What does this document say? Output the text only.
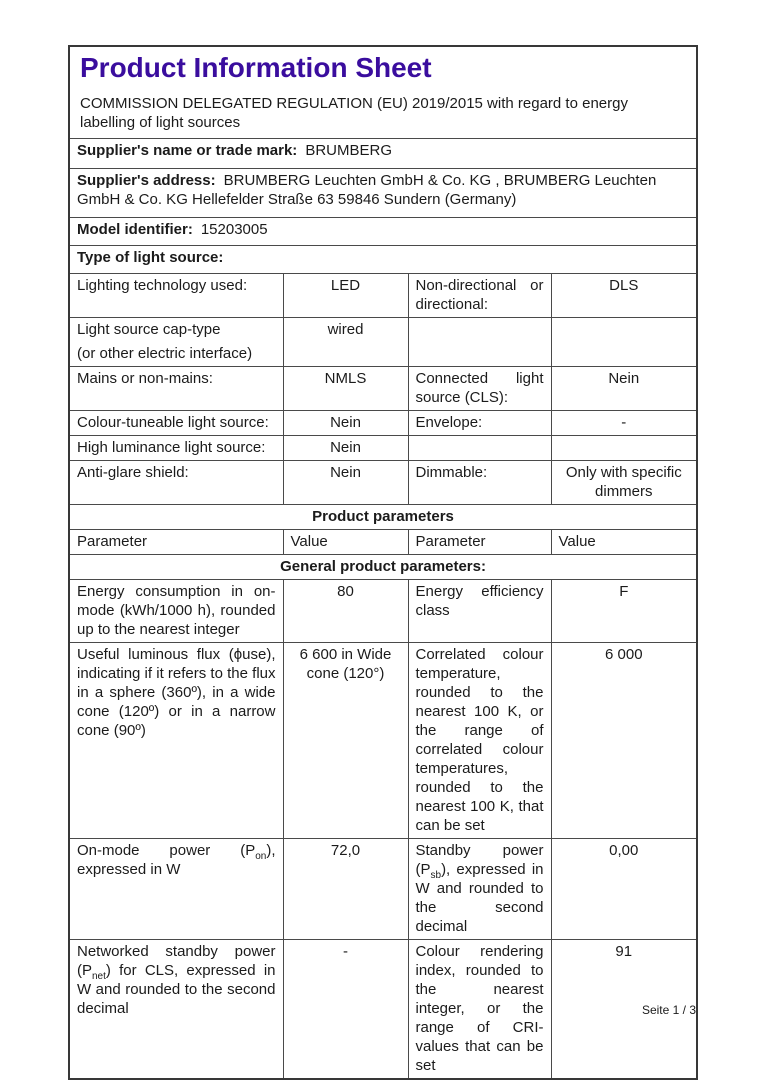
Product Information Sheet
COMMISSION DELEGATED REGULATION (EU) 2019/2015 with regard to energy labelling of light sources			

Supplier's name or trade mark: BRUMBERG			
Supplier's address: BRUMBERG Leuchten GmbH & Co. KG , BRUMBERG Leuchten GmbH & Co. KG Hellefelder Straße 63 59846 Sundern (Germany)			
Model identifier: 15203005			
Type of light source:			
Lighting technology used:	LED	Non-directional or directional:	DLS

Light source cap-type
(or other electric interface)	wired		
Mains or non-mains:	NMLS	Connected light source (CLS):	Nein
Colour-tuneable light source:	Nein	Envelope:	-
High luminance light source:	Nein		
Anti-glare shield:	Nein	Dimmable:	Only with specific dimmers
Product parameters			
Parameter	Value	Parameter	Value
General product parameters:			
Energy consumption in on-mode (kWh/1000 h), rounded up to the nearest integer	80	Energy efficiency class	F
Useful luminous flux (ϕuse), indicating if it refers to the flux in a sphere (360º), in a wide cone (120º) or in a narrow cone (90º)	6 600 in Wide cone (120°)	Correlated colour temperature, rounded to the nearest 100 K, or the range of correlated colour temperatures, rounded to the nearest 100 K, that can be set	6 000
On-mode power $(P_{on})$, expressed in W	72,0	Standby power $(P_{sb})$, expressed in W and rounded to the second decimal	0,00
Networked standby power $(P_{net})$ for CLS, expressed in W and rounded to the second decimal	-	Colour rendering index, rounded to the nearest integer, or the range of CRI-values that can be set	91
Seite 1 / 3
